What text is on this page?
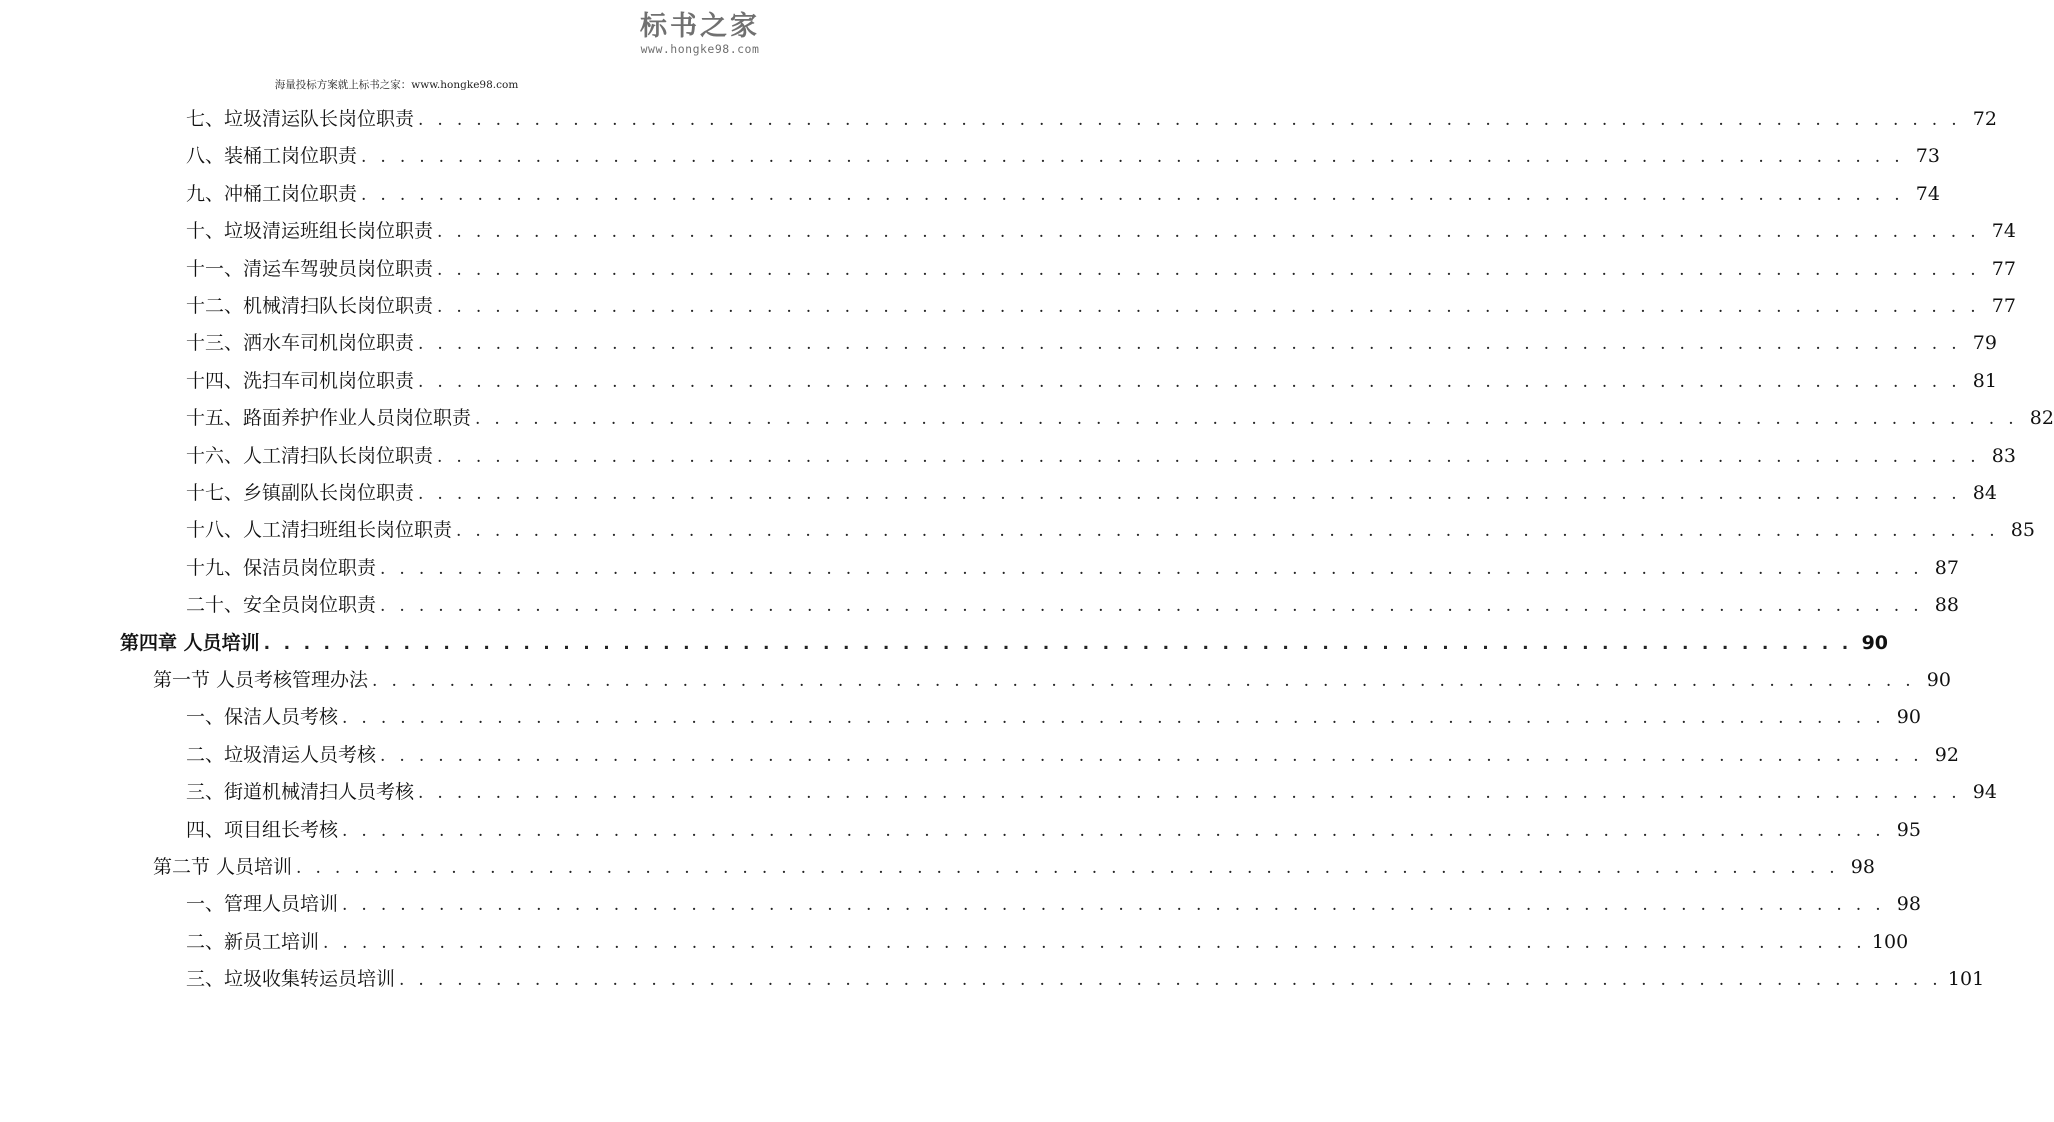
标书之家
www.hongke98.com
海量投标方案就上标书之家：www.hongke98.com
七、垃圾清运队长岗位职责 . . . . . . . . . . . . . . . . . . . . . . . . . . . . . . . . . . . . . . . . . . . . . . . . . . . . . . . . . . . . . . . . . . . . . . . . . . . . . . . . 72
八、装桶工岗位职责 . . . . . . . . . . . . . . . . . . . . . . . . . . . . . . . . . . . . . . . . . . . . . . . . . . . . . . . . . . . . . . . . . . . . . . . . . . . . . . . . 73
九、冲桶工岗位职责 . . . . . . . . . . . . . . . . . . . . . . . . . . . . . . . . . . . . . . . . . . . . . . . . . . . . . . . . . . . . . . . . . . . . . . . . . . . . . . . . 74
十、垃圾清运班组长岗位职责 . . . . . . . . . . . . . . . . . . . . . . . . . . . . . . . . . . . . . . . . . . . . . . . . . . . . . . . . . . . . . . . . . . . . . . . . . . . . . . . . 74
十一、清运车驾驶员岗位职责 . . . . . . . . . . . . . . . . . . . . . . . . . . . . . . . . . . . . . . . . . . . . . . . . . . . . . . . . . . . . . . . . . . . . . . . . . . . . . . . . 77
十二、机械清扫队长岗位职责 . . . . . . . . . . . . . . . . . . . . . . . . . . . . . . . . . . . . . . . . . . . . . . . . . . . . . . . . . . . . . . . . . . . . . . . . . . . . . . . . 77
十三、洒水车司机岗位职责 . . . . . . . . . . . . . . . . . . . . . . . . . . . . . . . . . . . . . . . . . . . . . . . . . . . . . . . . . . . . . . . . . . . . . . . . . . . . . . . . 79
十四、洗扫车司机岗位职责 . . . . . . . . . . . . . . . . . . . . . . . . . . . . . . . . . . . . . . . . . . . . . . . . . . . . . . . . . . . . . . . . . . . . . . . . . . . . . . . . 81
十五、路面养护作业人员岗位职责 . . . . . . . . . . . . . . . . . . . . . . . . . . . . . . . . . . . . . . . . . . . . . . . . . . . . . . . . . . . . . . . . . . . . . . . . . . . . . . . . 82
十六、人工清扫队长岗位职责 . . . . . . . . . . . . . . . . . . . . . . . . . . . . . . . . . . . . . . . . . . . . . . . . . . . . . . . . . . . . . . . . . . . . . . . . . . . . . . . . 83
十七、乡镇副队长岗位职责 . . . . . . . . . . . . . . . . . . . . . . . . . . . . . . . . . . . . . . . . . . . . . . . . . . . . . . . . . . . . . . . . . . . . . . . . . . . . . . . . 84
十八、人工清扫班组长岗位职责 . . . . . . . . . . . . . . . . . . . . . . . . . . . . . . . . . . . . . . . . . . . . . . . . . . . . . . . . . . . . . . . . . . . . . . . . . . . . . . . . 85
十九、保洁员岗位职责 . . . . . . . . . . . . . . . . . . . . . . . . . . . . . . . . . . . . . . . . . . . . . . . . . . . . . . . . . . . . . . . . . . . . . . . . . . . . . . . . 87
二十、安全员岗位职责 . . . . . . . . . . . . . . . . . . . . . . . . . . . . . . . . . . . . . . . . . . . . . . . . . . . . . . . . . . . . . . . . . . . . . . . . . . . . . . . . 88
第四章 人员培训 . . . . . . . . . . . . . . . . . . . . . . . . . . . . . . . . . . . . . . . . . . . . . . . . . . . . . . . . . . . . . . . . . . . . . . . . . . . . . . . . 90
第一节 人员考核管理办法 . . . . . . . . . . . . . . . . . . . . . . . . . . . . . . . . . . . . . . . . . . . . . . . . . . . . . . . . . . . . . . . . . . . . . . . . . . . . . . . . 90
一、保洁人员考核 . . . . . . . . . . . . . . . . . . . . . . . . . . . . . . . . . . . . . . . . . . . . . . . . . . . . . . . . . . . . . . . . . . . . . . . . . . . . . . . . 90
二、垃圾清运人员考核 . . . . . . . . . . . . . . . . . . . . . . . . . . . . . . . . . . . . . . . . . . . . . . . . . . . . . . . . . . . . . . . . . . . . . . . . . . . . . . . . 92
三、街道机械清扫人员考核 . . . . . . . . . . . . . . . . . . . . . . . . . . . . . . . . . . . . . . . . . . . . . . . . . . . . . . . . . . . . . . . . . . . . . . . . . . . . . . . . 94
四、项目组长考核 . . . . . . . . . . . . . . . . . . . . . . . . . . . . . . . . . . . . . . . . . . . . . . . . . . . . . . . . . . . . . . . . . . . . . . . . . . . . . . . . 95
第二节 人员培训 . . . . . . . . . . . . . . . . . . . . . . . . . . . . . . . . . . . . . . . . . . . . . . . . . . . . . . . . . . . . . . . . . . . . . . . . . . . . . . . . 98
一、管理人员培训 . . . . . . . . . . . . . . . . . . . . . . . . . . . . . . . . . . . . . . . . . . . . . . . . . . . . . . . . . . . . . . . . . . . . . . . . . . . . . . . . 98
二、新员工培训 . . . . . . . . . . . . . . . . . . . . . . . . . . . . . . . . . . . . . . . . . . . . . . . . . . . . . . . . . . . . . . . . . . . . . . . . . . . . . . . . 100
三、垃圾收集转运员培训 . . . . . . . . . . . . . . . . . . . . . . . . . . . . . . . . . . . . . . . . . . . . . . . . . . . . . . . . . . . . . . . . . . . . . . . . . . . . . . . . 101
